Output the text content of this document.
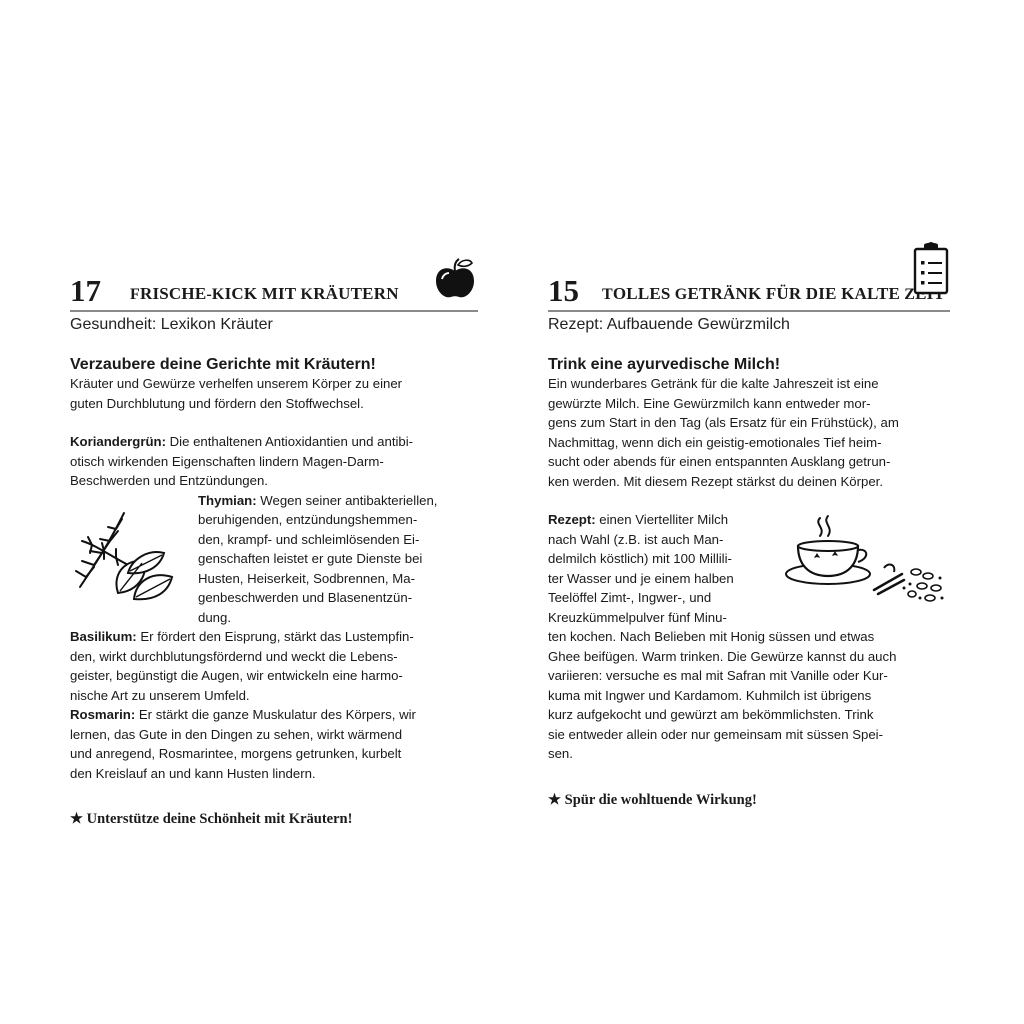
17 FRISCHE-KICK MIT KRÄUTERN
Gesundheit: Lexikon Kräuter
Verzaubere deine Gerichte mit Kräutern!

Kräuter und Gewürze verhelfen unserem Körper zu einer
guten Durchblutung und fördern den Stoffwechsel.

Koriandergrün: Die enthaltenen Antioxidantien und antibi-
otisch wirkenden Eigenschaften lindern Magen-Darm-
Beschwerden und Entzündungen.

Thymian: Wegen seiner antibakteriellen,
beruhigenden, entzündungshemmen-
den, krampf- und schleimlösenden Ei-
genschaften leistet er gute Dienste bei
Husten, Heiserkeit, Sodbrennen, Ma-
genbeschwerden und Blasenentzün-
dung.

Basilikum: Er fördert den Eisprung, stärkt das Lustempfin-
den, wirkt durchblutungsfördernd und weckt die Lebens-
geister, begünstigt die Augen, wir entwickeln eine harmo-
nische Art zu unserem Umfeld.

Rosmarin: Er stärkt die ganze Muskulatur des Körpers, wir
lernen, das Gute in den Dingen zu sehen, wirkt wärmend
und anregend, Rosmarintee, morgens getrunken, kurbelt
den Kreislauf an und kann Husten lindern.

★ Unterstütze deine Schönheit mit Kräutern!
15 TOLLES GETRÄNK FÜR DIE KALTE Z
Rezept: Aufbauende Gewürzmilch
Trink eine ayurvedische Milch!

Ein wunderbares Getränk für die kalte Jahreszeit ist eine
gewürzte Milch. Eine Gewürzmilch kann entweder mor-
gens zum Start in den Tag (als Ersatz für ein Frühstück), am
Nachmittag, wenn dich ein geistig-emotionales Tief heim-
sucht oder abends für einen entspannten Ausklang getrun-
ken werden. Mit diesem Rezept stärkst du deinen Körper.

Rezept: einen Viertelliter Milch
nach Wahl (z.B. ist auch Man-
delmilch köstlich) mit 100 Millili-
ter Wasser und je einem halben
Teelöffel Zimt-, Ingwer-, und
Kreuzkümmelpulver fünf Minu-

ten kochen. Nach Belieben mit Honig süssen und etwas
Ghee beifügen. Warm trinken. Die Gewürze kannst du auch
variieren: versuche es mal mit Safran mit Vanille oder Kur-
kuma mit Ingwer und Kardamom. Kuhmilch ist übrigens
kurz aufgekocht und gewürzt am bekömmlichsten. Trink
sie entweder allein oder nur gemeinsam mit süssen Spei-
sen.

★ Spür die wohltuende Wirkung!
